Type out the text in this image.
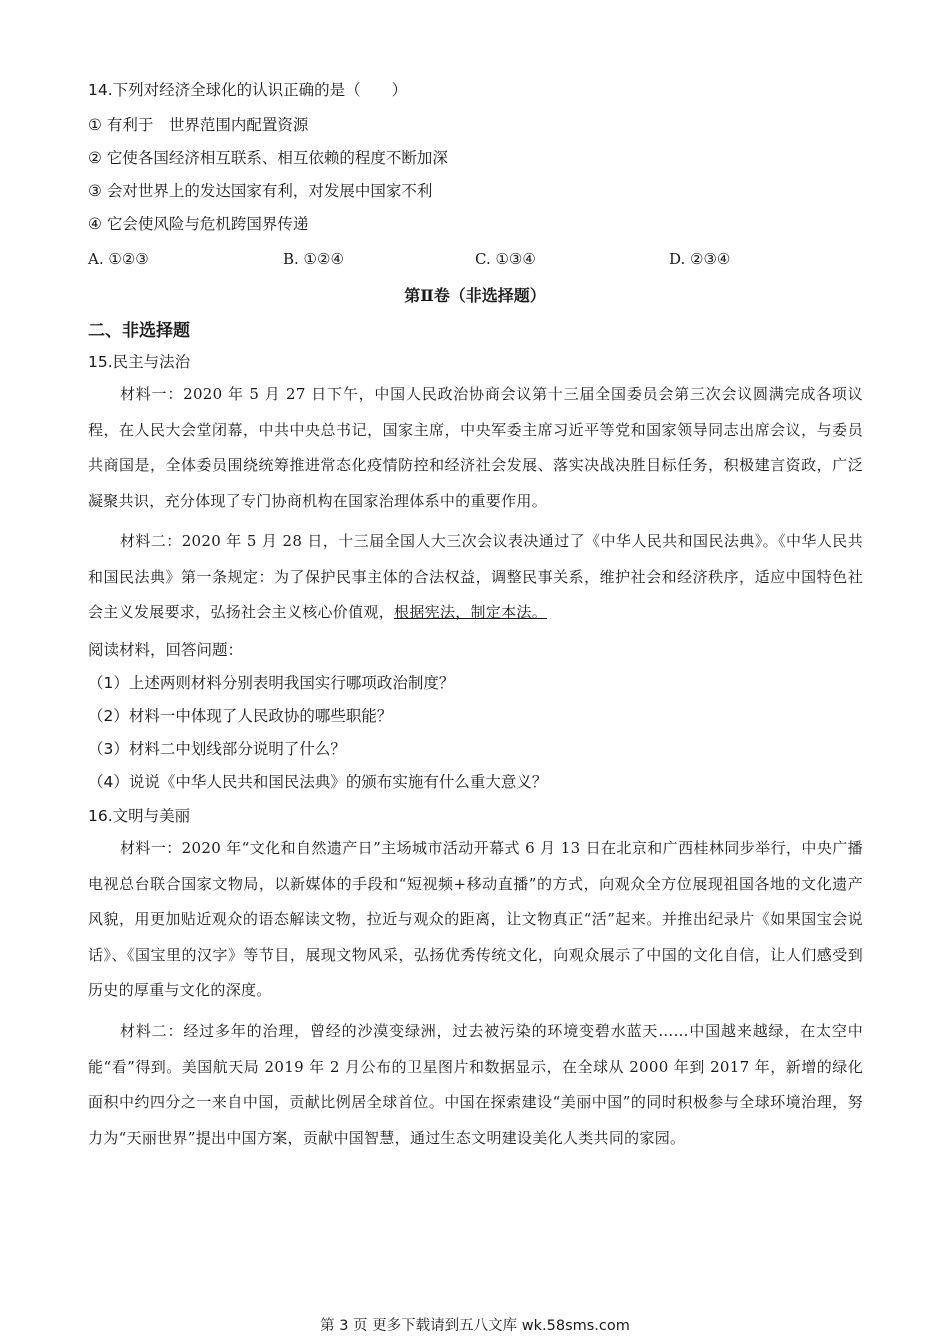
14.下列对经济全球化的认识正确的是（　　）
① 有利于　世界范围内配置资源
② 它使各国经济相互联系、相互依赖的程度不断加深
③ 会对世界上的发达国家有利，对发展中国家不利
④ 它会使风险与危机跨国界传递
A. ①②③	B. ①②④	C. ①③④	D. ②③④
第Ⅱ卷（非选择题）
二、非选择题
15.民主与法治
材料一：2020 年 5 月 27 日下午，中国人民政治协商会议第十三届全国委员会第三次会议圆满完成各项议程，在人民大会堂闭幕，中共中央总书记，国家主席，中央军委主席习近平等党和国家领导同志出席会议，与委员共商国是，全体委员围绕统筹推进常态化疫情防控和经济社会发展、落实决战决胜目标任务，积极建言资政，广泛凝聚共识，充分体现了专门协商机构在国家治理体系中的重要作用。
材料二：2020 年 5 月 28 日，十三届全国人大三次会议表决通过了《中华人民共和国民法典》。《中华人民共和国民法典》第一条规定：为了保护民事主体的合法权益，调整民事关系，维护社会和经济秩序，适应中国特色社会主义发展要求，弘扬社会主义核心价值观，根据宪法，制定本法。
阅读材料，回答问题：
（1）上述两则材料分别表明我国实行哪项政治制度？
（2）材料一中体现了人民政协的哪些职能？
（3）材料二中划线部分说明了什么？
（4）说说《中华人民共和国民法典》的颁布实施有什么重大意义？
16.文明与美丽
材料一：2020 年“文化和自然遗产日”主场城市活动开幕式 6 月 13 日在北京和广西桂林同步举行，中央广播电视总台联合国家文物局，以新媒体的手段和“短视频+移动直播”的方式，向观众全方位展现祖国各地的文化遗产风貌，用更加贴近观众的语态解读文物，拉近与观众的距离，让文物真正“活”起来。并推出纪录片《如果国宝会说话》、《国宝里的汉字》等节目，展现文物风采，弘扬优秀传统文化，向观众展示了中国的文化自信，让人们感受到历史的厚重与文化的深度。
材料二：经过多年的治理，曾经的沙漠变绿洲，过去被污染的环境变碧水蓝天……中国越来越绿，在太空中能“看”得到。美国航天局 2019 年 2 月公布的卫星图片和数据显示，在全球从 2000 年到 2017 年，新增的绿化面积中约四分之一来自中国，贡献比例居全球首位。中国在探索建设“美丽中国”的同时积极参与全球环境治理，努力为“天丽世界”提出中国方案，贡献中国智慧，通过生态文明建设美化人类共同的家园。
第 3 页 更多下载请到五八文库 wk.58sms.com
